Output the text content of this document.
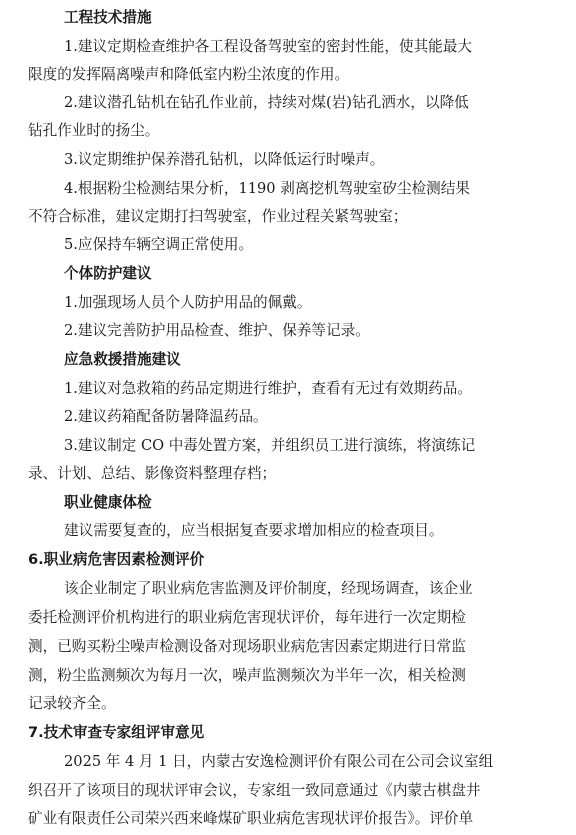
工程技术措施
1.建议定期检查维护各工程设备驾驶室的密封性能，使其能最大
限度的发挥隔离噪声和降低室内粉尘浓度的作用。
2.建议潜孔钻机在钻孔作业前，持续对煤(岩)钻孔洒水，以降低
钻孔作业时的扬尘。
3.议定期维护保养潜孔钻机，以降低运行时噪声。
4.根据粉尘检测结果分析，1190 剥离挖机驾驶室矽尘检测结果
不符合标准，建议定期打扫驾驶室，作业过程关紧驾驶室；
5.应保持车辆空调正常使用。
个体防护建议
1.加强现场人员个人防护用品的佩戴。
2.建议完善防护用品检查、维护、保养等记录。
应急救援措施建议
1.建议对急救箱的药品定期进行维护，查看有无过有效期药品。
2.建议药箱配备防暑降温药品。
3.建议制定 CO 中毒处置方案，并组织员工进行演练，将演练记
录、计划、总结、影像资料整理存档；
职业健康体检
建议需要复查的，应当根据复查要求增加相应的检查项目。
6.职业病危害因素检测评价
该企业制定了职业病危害监测及评价制度，经现场调查，该企业
委托检测评价机构进行的职业病危害现状评价，每年进行一次定期检
测，已购买粉尘噪声检测设备对现场职业病危害因素定期进行日常监
测，粉尘监测频次为每月一次，噪声监测频次为半年一次，相关检测
记录较齐全。
7.技术审查专家组评审意见
2025 年 4 月 1 日，内蒙古安逸检测评价有限公司在公司会议室组
织召开了该项目的现状评审会议，专家组一致同意通过《内蒙古棋盘井
矿业有限责任公司荣兴西来峰煤矿职业病危害现状评价报告》。评价单
